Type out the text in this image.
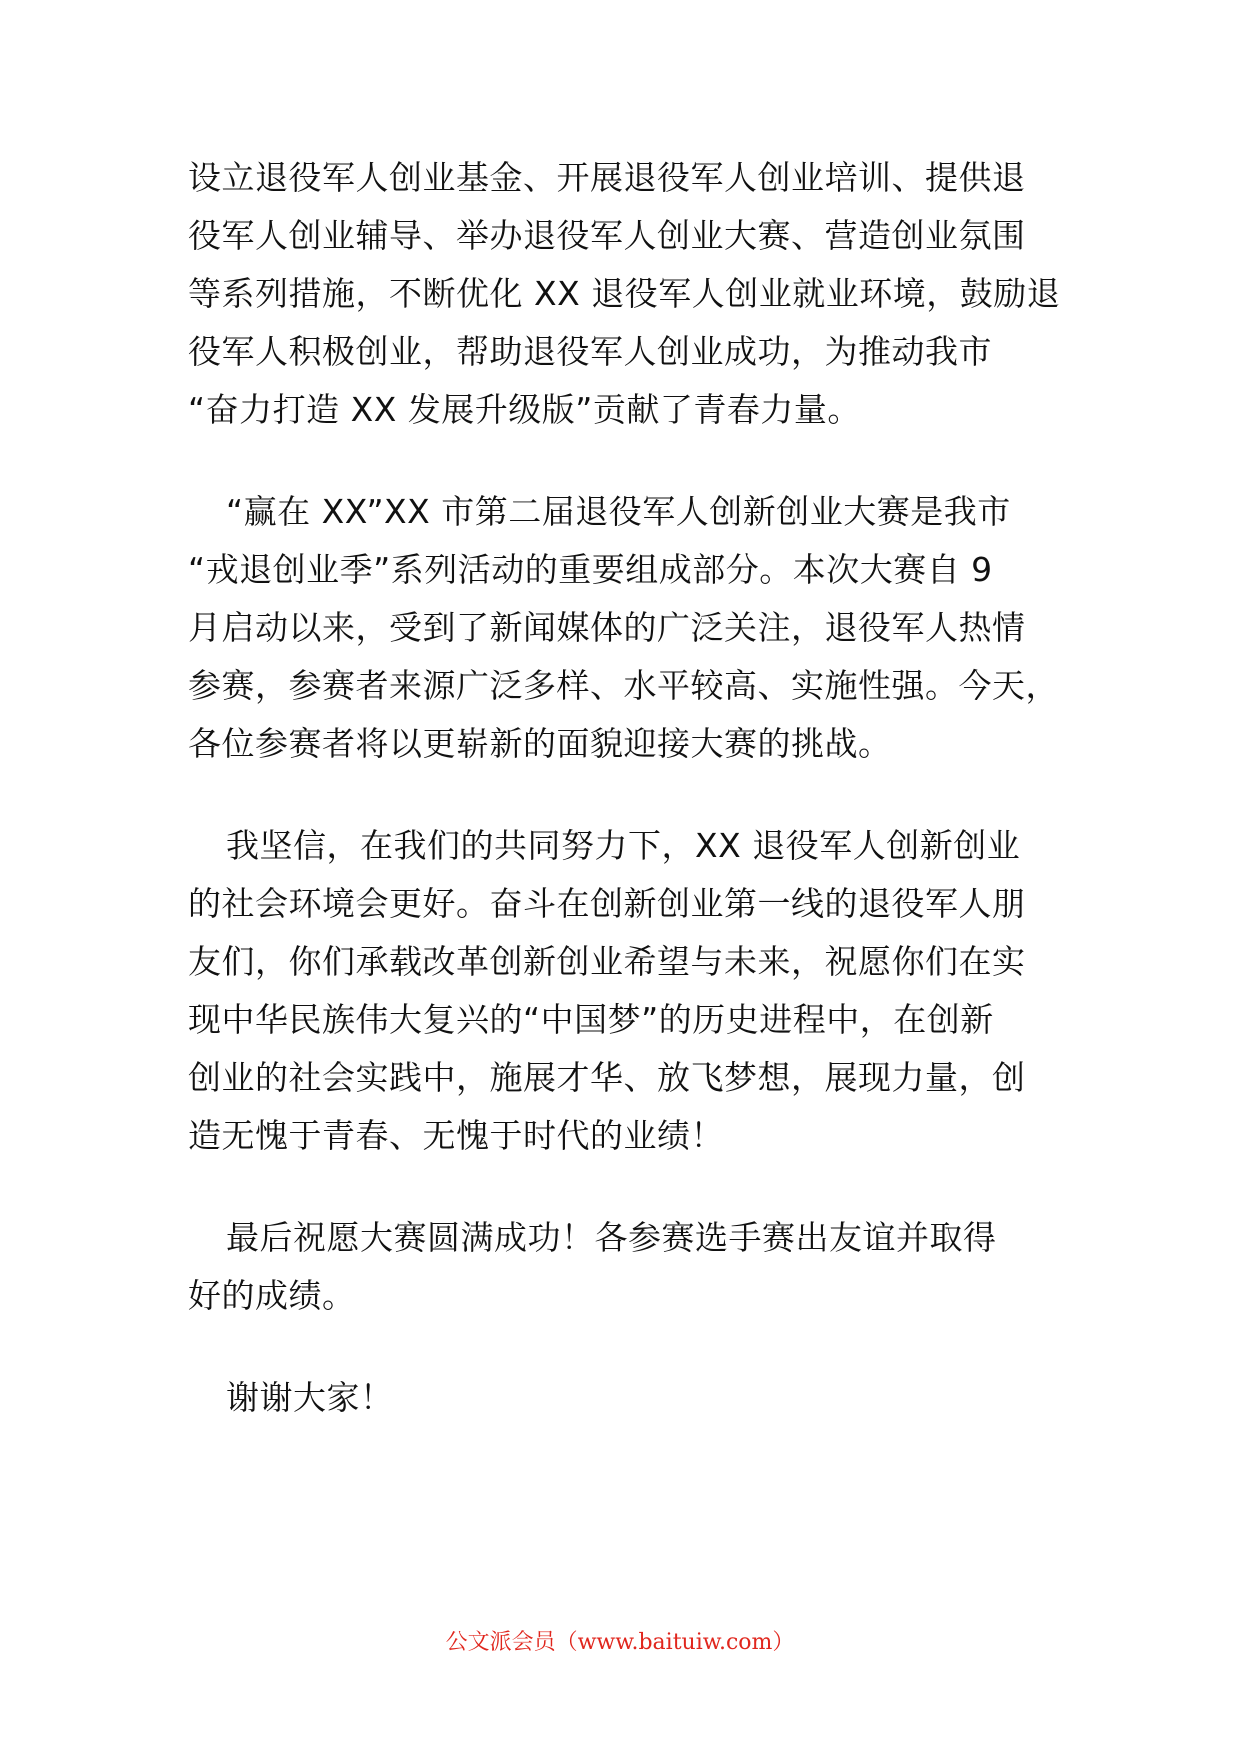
设立退役军人创业基金、开展退役军人创业培训、提供退
役军人创业辅导、举办退役军人创业大赛、营造创业氛围
等系列措施，不断优化 XX 退役军人创业就业环境，鼓励退
役军人积极创业，帮助退役军人创业成功，为推动我市
“奋力打造 XX 发展升级版”贡献了青春力量。
“赢在 XX”XX 市第二届退役军人创新创业大赛是我市
“戎退创业季”系列活动的重要组成部分。本次大赛自 9
月启动以来，受到了新闻媒体的广泛关注，退役军人热情
参赛，参赛者来源广泛多样、水平较高、实施性强。今天，
各位参赛者将以更崭新的面貌迎接大赛的挑战。
我坚信，在我们的共同努力下，XX 退役军人创新创业
的社会环境会更好。奋斗在创新创业第一线的退役军人朋
友们，你们承载改革创新创业希望与未来，祝愿你们在实
现中华民族伟大复兴的“中国梦”的历史进程中，在创新
创业的社会实践中，施展才华、放飞梦想，展现力量，创
造无愧于青春、无愧于时代的业绩！
最后祝愿大赛圆满成功！各参赛选手赛出友谊并取得
好的成绩。
谢谢大家！
公文派会员（www.baituiw.com）
